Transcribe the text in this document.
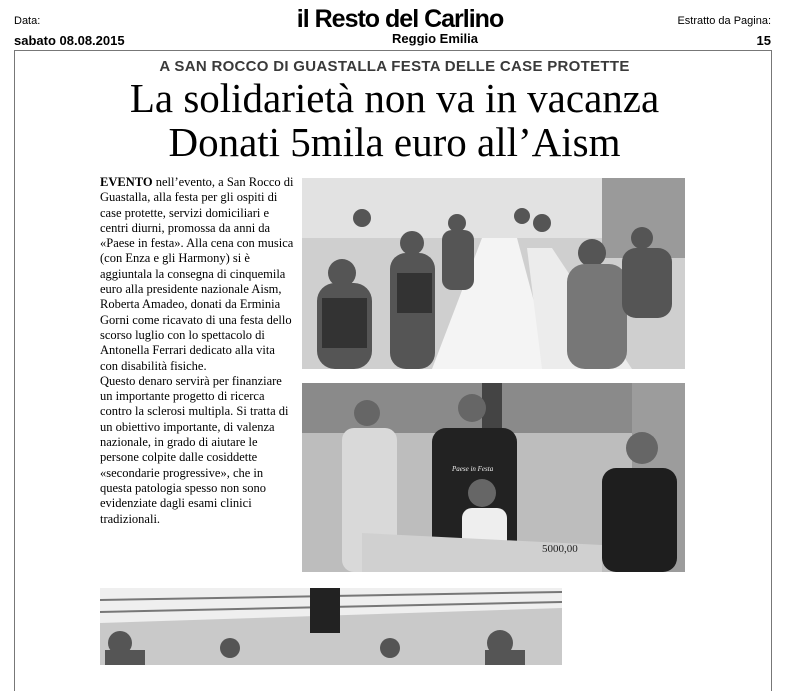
Data:
sabato 08.08.2015
il Resto del Carlino
Reggio Emilia
Estratto da Pagina:
15
A SAN ROCCO DI GUASTALLA FESTA DELLE CASE PROTETTE
La solidarietà non va in vacanza
Donati 5mila euro all’Aism

EVENTO nell’evento, a San Rocco di Guastalla, alla festa per gli ospiti di case protette, servizi domiciliari e centri diurni, promossa da anni da «Paese in festa». Alla cena con musica (con Enza e gli Harmony) si è aggiuntala la consegna di cinquemila euro alla presidente nazionale Aism, Roberta Amadeo, donati da Erminia Gorni come ricavato di una festa dello scorso luglio con lo spettacolo di Antonella Ferrari dedicato alla vita con disabilità fisiche.

Questo denaro servirà per finanziare un importante progetto di ricerca contro la sclerosi multipla. Si tratta di un obiettivo importante, di valenza nazionale, in grado di aiutare le persone colpite dalle cosiddette «secondarie progressive», che in questa patologia spesso non sono evidenziate dagli esami clinici tradizionali.

Paese in Festa
5000,00
